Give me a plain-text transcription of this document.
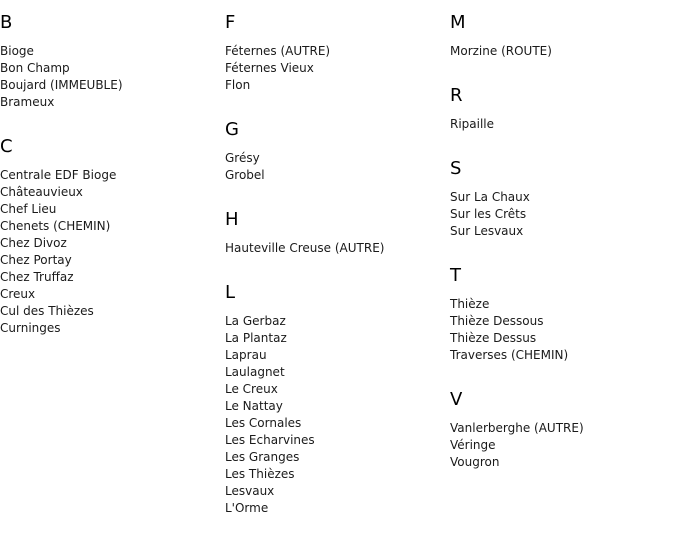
B
Bioge
Bon Champ
Boujard (IMMEUBLE)
Brameux
C
Centrale EDF Bioge
Châteauvieux
Chef Lieu
Chenets (CHEMIN)
Chez Divoz
Chez Portay
Chez Truffaz
Creux
Cul des Thièzes
Curninges
F
Féternes (AUTRE)
Féternes Vieux
Flon
G
Grésy
Grobel
H
Hauteville Creuse (AUTRE)
L
La Gerbaz
La Plantaz
Laprau
Laulagnet
Le Creux
Le Nattay
Les Cornales
Les Echarvines
Les Granges
Les Thièzes
Lesvaux
L'Orme
M
Morzine (ROUTE)
R
Ripaille
S
Sur La Chaux
Sur les Crêts
Sur Lesvaux
T
Thièze
Thièze Dessous
Thièze Dessus
Traverses (CHEMIN)
V
Vanlerberghe (AUTRE)
Véringe
Vougron
